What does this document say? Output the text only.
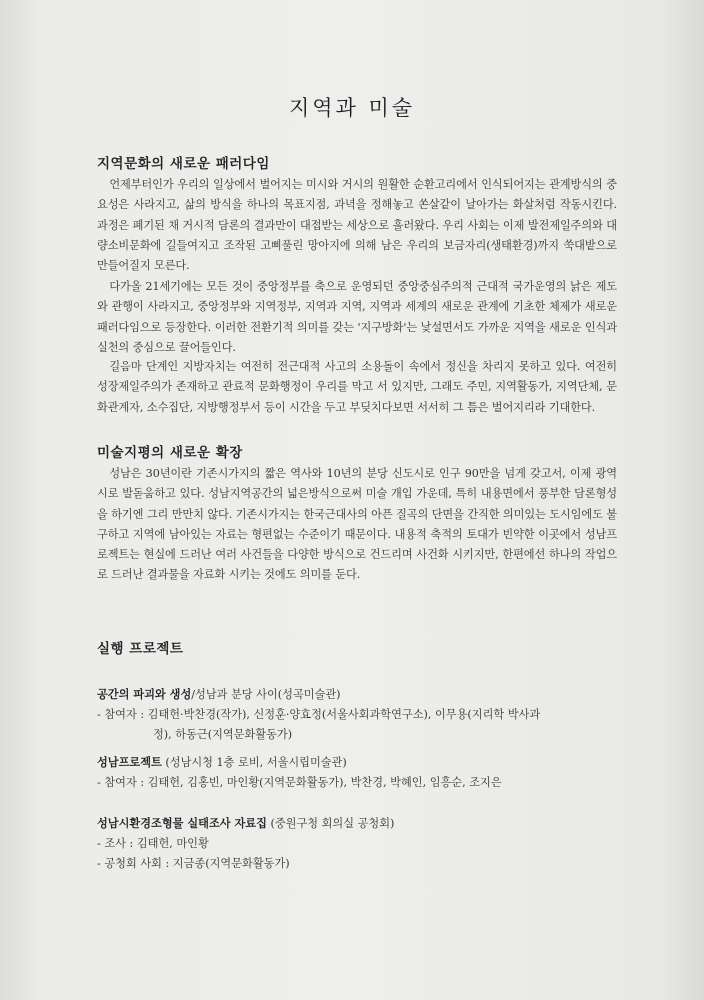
지역과 미술
지역문화의 새로운 패러다임
언제부터인가 우리의 일상에서 벌어지는 미시와 거시의 원활한 순환고리에서 인식되어지는 관계방식의 중요성은 사라지고, 삶의 방식을 하나의 목표지점, 과녁을 정해놓고 쏜살같이 날아가는 화살처럼 작동시킨다. 과정은 폐기된 채 거시적 담론의 결과만이 대접받는 세상으로 흘러왔다. 우리 사회는 이제 발전제일주의와 대량소비문화에 길들여지고 조작된 고삐풀린 망아지에 의해 남은 우리의 보금자리(생태환경)까지 쑥대밭으로 만들어질지 모른다.
다가올 21세기에는 모든 것이 중앙정부를 축으로 운영되던 중앙중심주의적 근대적 국가운영의 낡은 제도와 관행이 사라지고, 중앙정부와 지역정부, 지역과 지역, 지역과 세계의 새로운 관계에 기초한 체제가 새로운 패러다임으로 등장한다. 이러한 전환기적 의미를 갖는 '지구방화'는 낯설면서도 가까운 지역을 새로운 인식과 실천의 중심으로 끌어들인다.
길음마 단계인 지방자치는 여전히 전근대적 사고의 소용돌이 속에서 정신을 차리지 못하고 있다. 여전히 성장제일주의가 존재하고 관료적 문화행정이 우리를 막고 서 있지만, 그래도 주민, 지역활동가, 지역단체, 문화관계자, 소수집단, 지방행정부서 등이 시간을 두고 부딪치다보면 서서히 그 틈은 벌어지리라 기대한다.
미술지평의 새로운 확장
성남은 30년이란 기존시가지의 짧은 역사와 10년의 분당 신도시로 인구 90만을 넘게 갖고서, 이제 광역시로 발돋움하고 있다. 성남지역공간의 넓은방식으로써 미술 개입 가운데, 특히 내용면에서 풍부한 담론형성을 하기엔 그리 만만치 않다. 기존시가지는 한국근대사의 아픈 질곡의 단면을 간직한 의미있는 도시임에도 불구하고 지역에 남아있는 자료는 형편없는 수준이기 때문이다. 내용적 축적의 토대가 빈약한 이곳에서 성남프로젝트는 현실에 드러난 여러 사건들을 다양한 방식으로 건드리며 사건화 시키지만, 한편에선 하나의 작업으로 드러난 결과물을 자료화 시키는 것에도 의미를 둔다.
실행 프로젝트
공간의 파괴와 생성/성남과 분당 사이(성곡미술관)
- 참여자 : 김태헌·박찬경(작가), 신정훈·양효정(서울사회과학연구소), 이무용(지리학 박사과
정), 하동근(지역문화활동가)
성남프로젝트 (성남시청 1층 로비, 서울시립미술관)
- 참여자 : 김태헌, 김홍빈, 마인황(지역문화활동가), 박찬경, 박혜인, 임흥순, 조지은
성남시환경조형물 실태조사 자료집 (중원구청 회의실 공청회)
- 조사 : 김태헌, 마인황
- 공청회 사회 : 지금종(지역문화활동가)
